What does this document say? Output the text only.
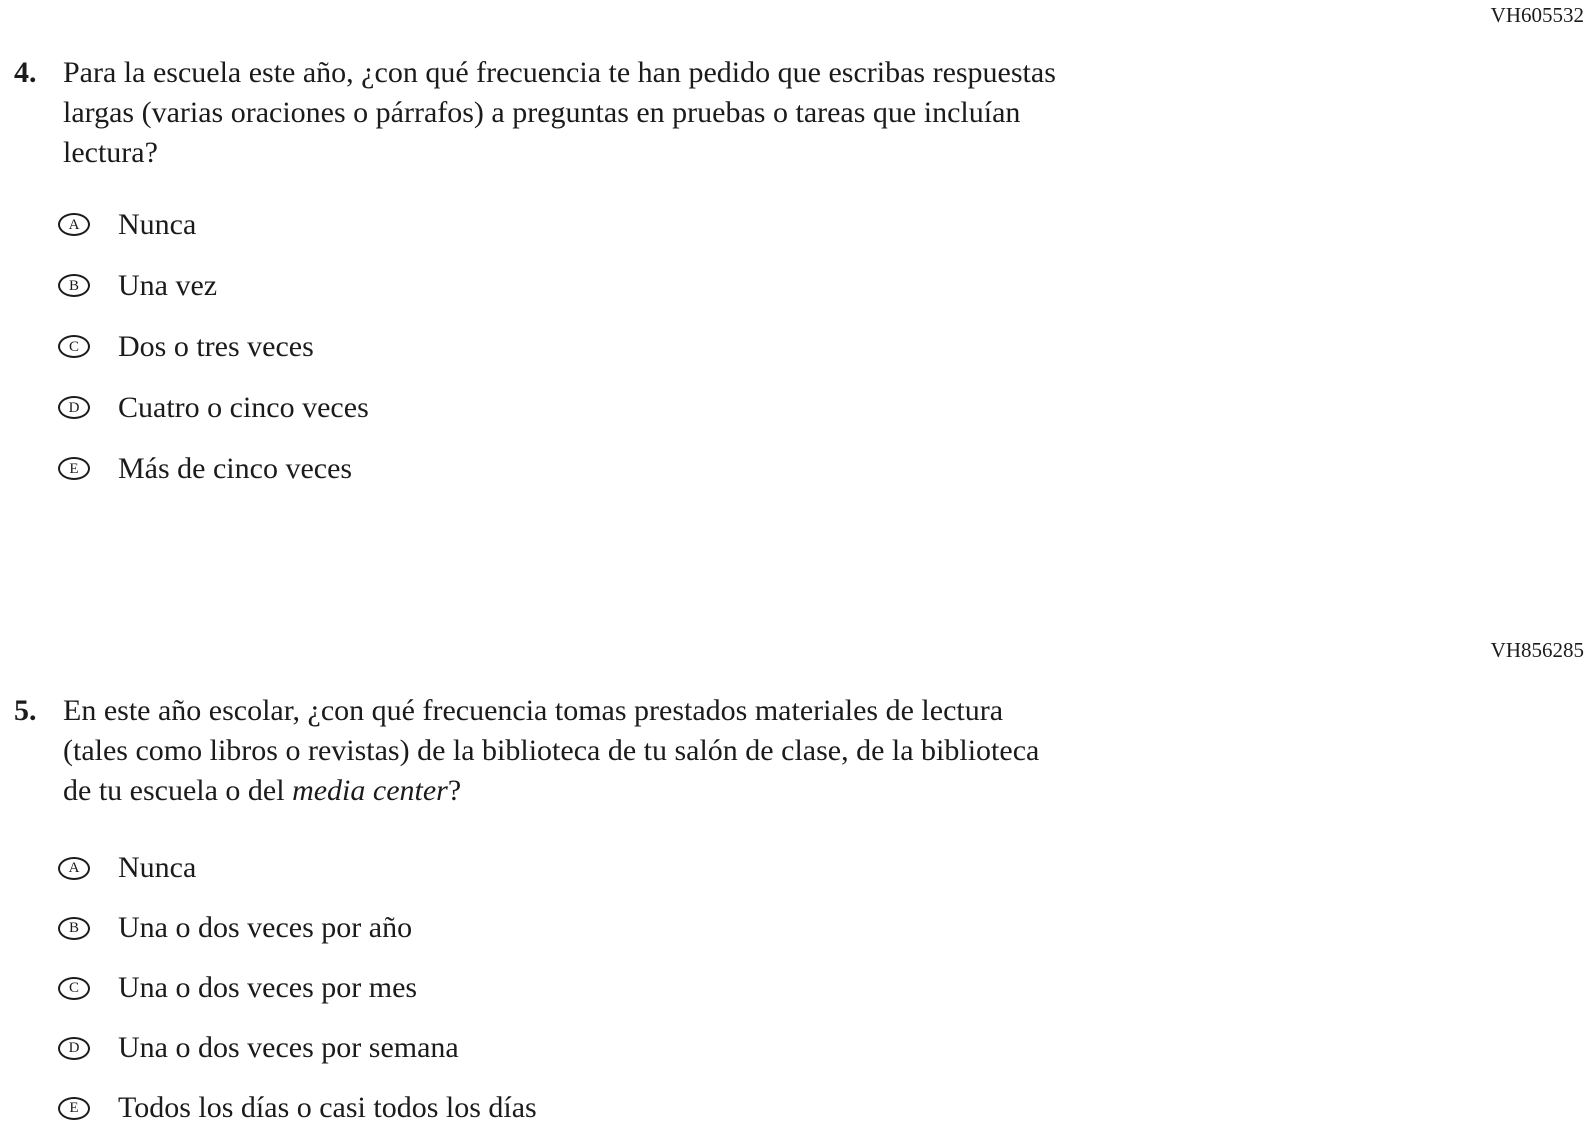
VH605532
4. Para la escuela este año, ¿con qué frecuencia te han pedido que escribas respuestas
largas (varias oraciones o párrafos) a preguntas en pruebas o tareas que incluían
lectura?
A Nunca
B Una vez
C Dos o tres veces
D Cuatro o cinco veces
E Más de cinco veces
VH856285
5. En este año escolar, ¿con qué frecuencia tomas prestados materiales de lectura
(tales como libros o revistas) de la biblioteca de tu salón de clase, de la biblioteca
de tu escuela o del media center?
A Nunca
B Una o dos veces por año
C Una o dos veces por mes
D Una o dos veces por semana
E Todos los días o casi todos los días
